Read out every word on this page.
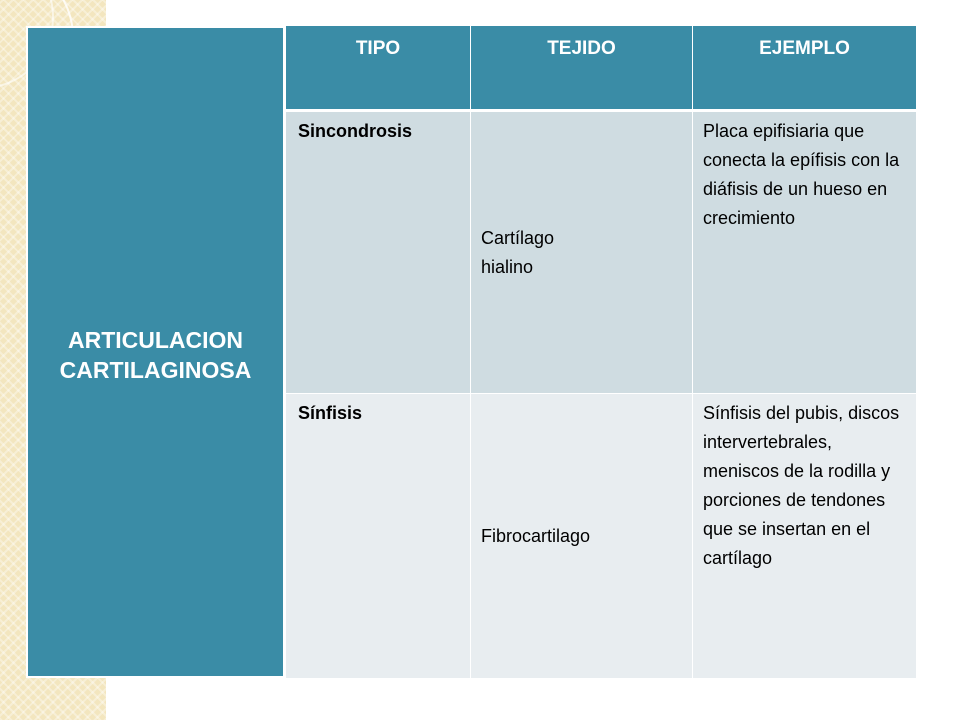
ARTICULACION
CARTILAGINOSA
TIPO	TEJIDO	EJEMPLO
Sincondrosis
Cartílago
hialino
Placa epifisiaria que conecta la epífisis con la diáfisis de un hueso en crecimiento
Sínfisis
Fibrocartilago
Sínfisis del pubis, discos intervertebrales, meniscos de la rodilla y porciones de tendones que se insertan en el cartílago
